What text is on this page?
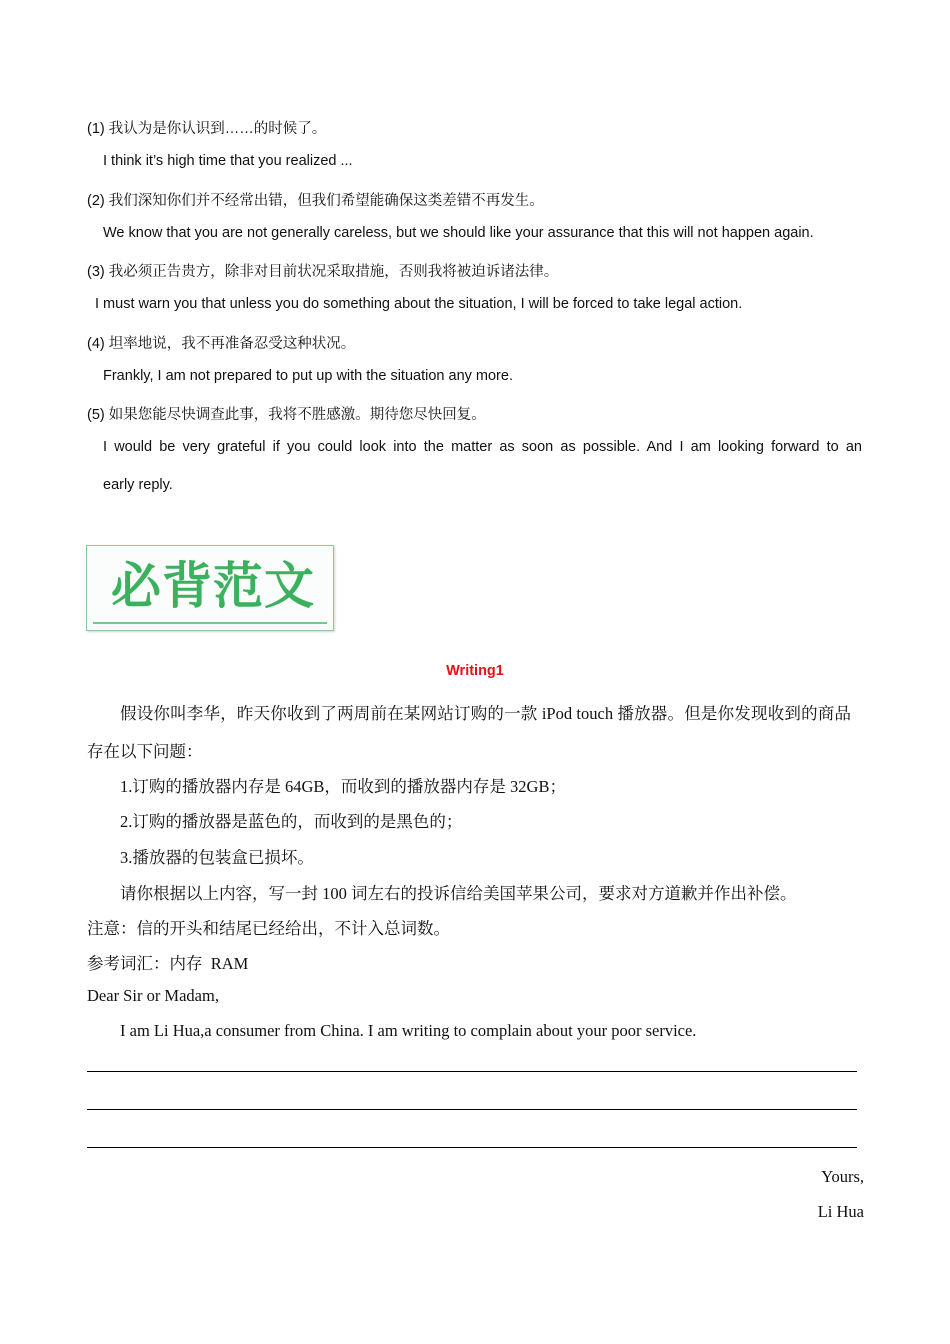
(1) 我认为是你认识到……的时候了。
I think it’s high time that you realized ...
(2) 我们深知你们并不经常出错，但我们希望能确保这类差错不再发生。
We know that you are not generally careless, but we should like your assurance that this will not happen again.
(3) 我必须正告贵方，除非对目前状况采取措施，否则我将被迫诉诸法律。
I must warn you that unless you do something about the situation, I will be forced to take legal action.
(4) 坦率地说，我不再准备忍受这种状况。
Frankly, I am not prepared to put up with the situation any more.
(5) 如果您能尽快调查此事，我将不胜感激。期待您尽快回复。
I would be very grateful if you could look into the matter as soon as possible. And I am looking forward to an
early reply.
必背范文
Writing1
假设你叫李华，昨天你收到了两周前在某网站订购的一款 iPod touch 播放器。但是你发现收到的商品
存在以下问题：
1.订购的播放器内存是 64GB，而收到的播放器内存是 32GB；
2.订购的播放器是蓝色的，而收到的是黑色的；
3.播放器的包装盒已损坏。
请你根据以上内容，写一封 100 词左右的投诉信给美国苹果公司，要求对方道歉并作出补偿。
注意：信的开头和结尾已经给出，不计入总词数。
参考词汇：内存  RAM
Dear Sir or Madam,
I am Li Hua,a consumer from China. I am writing to complain about your poor service.
Yours,
Li Hua
